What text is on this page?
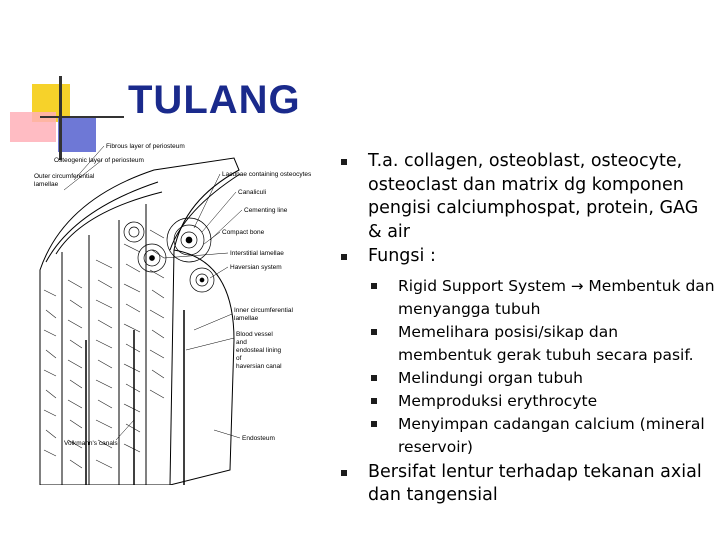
TULANG
Fibrous layer of periosteum
Osteogenic layer of periosteum
Outer circumferential
lamellae
Lacunae containing osteocytes
Canaliculi
Cementing line
Compact bone
Interstitial lamellae
Haversian system
Inner circumferential
lamellae
Blood vessel
and
endosteal lining
of
haversian canal
Volkmann's canals
Endosteum
T.a. collagen, osteoblast, osteocyte, osteoclast dan matrix dg komponen pengisi calciumphospat, protein, GAG & air
Fungsi :
Rigid Support System → Membentuk dan menyangga tubuh
Memelihara posisi/sikap dan membentuk gerak tubuh secara pasif.
Melindungi organ tubuh
Memproduksi erythrocyte
Menyimpan cadangan calcium (mineral reservoir)
Bersifat lentur terhadap tekanan axial dan tangensial
